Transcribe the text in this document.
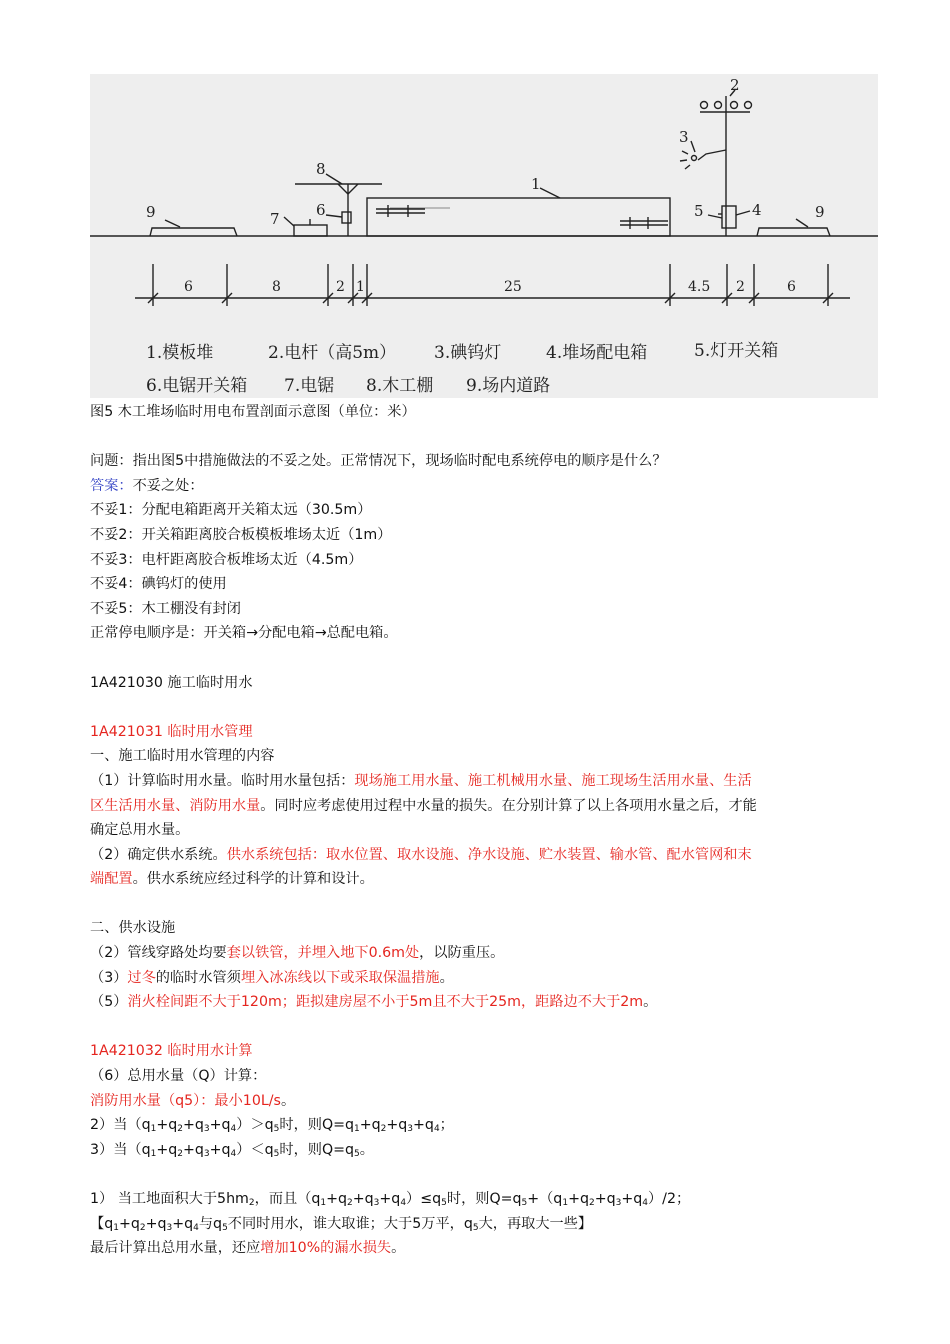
9	7 6
8
1
5	4
3
2
9
6	8	2 1	25	4.5 2	6
1.模板堆	2.电杆（高5m） 3.碘钨灯	4.堆场配电箱	5.灯开关箱
6.电锯开关箱 7.电锯 8.木工棚 9.场内道路
图5 木工堆场临时用电布置剖面示意图（单位：米）
问题：指出图5中措施做法的不妥之处。正常情况下，现场临时配电系统停电的顺序是什么？
答案：不妥之处：
不妥1：分配电箱距离开关箱太远（30.5m）
不妥2：开关箱距离胶合板模板堆场太近（1m）
不妥3：电杆距离胶合板堆场太近（4.5m）
不妥4：碘钨灯的使用
不妥5：木工棚没有封闭
正常停电顺序是：开关箱→分配电箱→总配电箱。
1A421030 施工临时用水
1A421031 临时用水管理
一、施工临时用水管理的内容
（1）计算临时用水量。临时用水量包括：现场施工用水量、施工机械用水量、施工现场生活用水量、生活
区生活用水量、消防用水量。同时应考虑使用过程中水量的损失。在分别计算了以上各项用水量之后，才能
确定总用水量。
（2）确定供水系统。供水系统包括：取水位置、取水设施、净水设施、贮水装置、输水管、配水管网和末
端配置。供水系统应经过科学的计算和设计。
二、供水设施
（2）管线穿路处均要套以铁管，并埋入地下0.6m处，以防重压。
（3）过冬的临时水管须埋入冰冻线以下或采取保温措施。
（5）消火栓间距不大于120m；距拟建房屋不小于5m且不大于25m，距路边不大于2m。
1A421032 临时用水计算
（6）总用水量（Q）计算：
消防用水量（q5）：最小10L/s。
2）当$(q_1+q_2+q_3+q_4)>q_5$时，则$Q=q_1+q_2+q_3+q_4$；
3）当$(q_1+q_2+q_3+q_4)<q_5$时，则$Q=q_5$。
1） 当工地面积大于$5hm_2$，而且$(q_1+q_2+q_3+q_4)\le q_5$时，则$Q=q_5+(q_1+q_2+q_3+q_4)/2$；
【$q_1+q_2+q_3+q_4$与$q_5$不同时用水，谁大取谁；大于5万平，$q_5$大，再取大一些】
最后计算出总用水量，还应增加10%的漏水损失。
